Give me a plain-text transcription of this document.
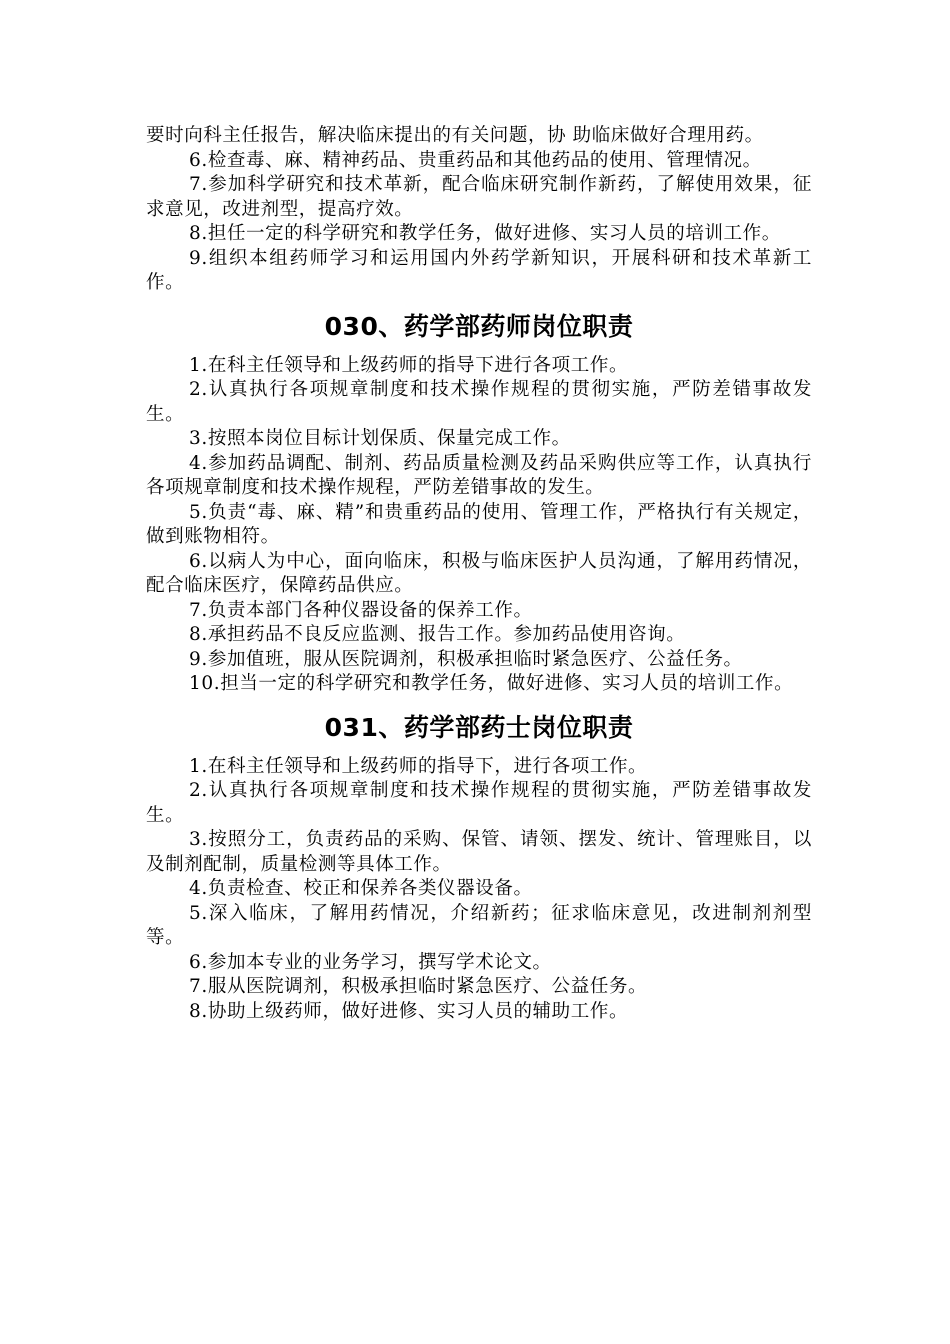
要时向科主任报告，解决临床提出的有关问题，协 助临床做好合理用药。

6.检查毒、麻、精神药品、贵重药品和其他药品的使用、管理情况。

7.参加科学研究和技术革新，配合临床研究制作新药，了解使用效果，征求意见，改进剂型，提高疗效。

8.担任一定的科学研究和教学任务，做好进修、实习人员的培训工作。

9.组织本组药师学习和运用国内外药学新知识，开展科研和技术革新工作。

030、药学部药师岗位职责

1.在科主任领导和上级药师的指导下进行各项工作。

2.认真执行各项规章制度和技术操作规程的贯彻实施，严防差错事故发生。

3.按照本岗位目标计划保质、保量完成工作。

4.参加药品调配、制剂、药品质量检测及药品采购供应等工作，认真执行各项规章制度和技术操作规程，严防差错事故的发生。

5.负责“毒、麻、精”和贵重药品的使用、管理工作，严格执行有关规定，做到账物相符。

6.以病人为中心，面向临床，积极与临床医护人员沟通，了解用药情况，配合临床医疗，保障药品供应。

7.负责本部门各种仪器设备的保养工作。

8.承担药品不良反应监测、报告工作。参加药品使用咨询。

9.参加值班，服从医院调剂，积极承担临时紧急医疗、公益任务。

10.担当一定的科学研究和教学任务，做好进修、实习人员的培训工作。

031、药学部药士岗位职责

1.在科主任领导和上级药师的指导下，进行各项工作。

2.认真执行各项规章制度和技术操作规程的贯彻实施，严防差错事故发生。

3.按照分工，负责药品的采购、保管、请领、摆发、统计、管理账目，以及制剂配制，质量检测等具体工作。

4.负责检查、校正和保养各类仪器设备。

5.深入临床，了解用药情况，介绍新药；征求临床意见，改进制剂剂型等。

6.参加本专业的业务学习，撰写学术论文。

7.服从医院调剂，积极承担临时紧急医疗、公益任务。

8.协助上级药师，做好进修、实习人员的辅助工作。
